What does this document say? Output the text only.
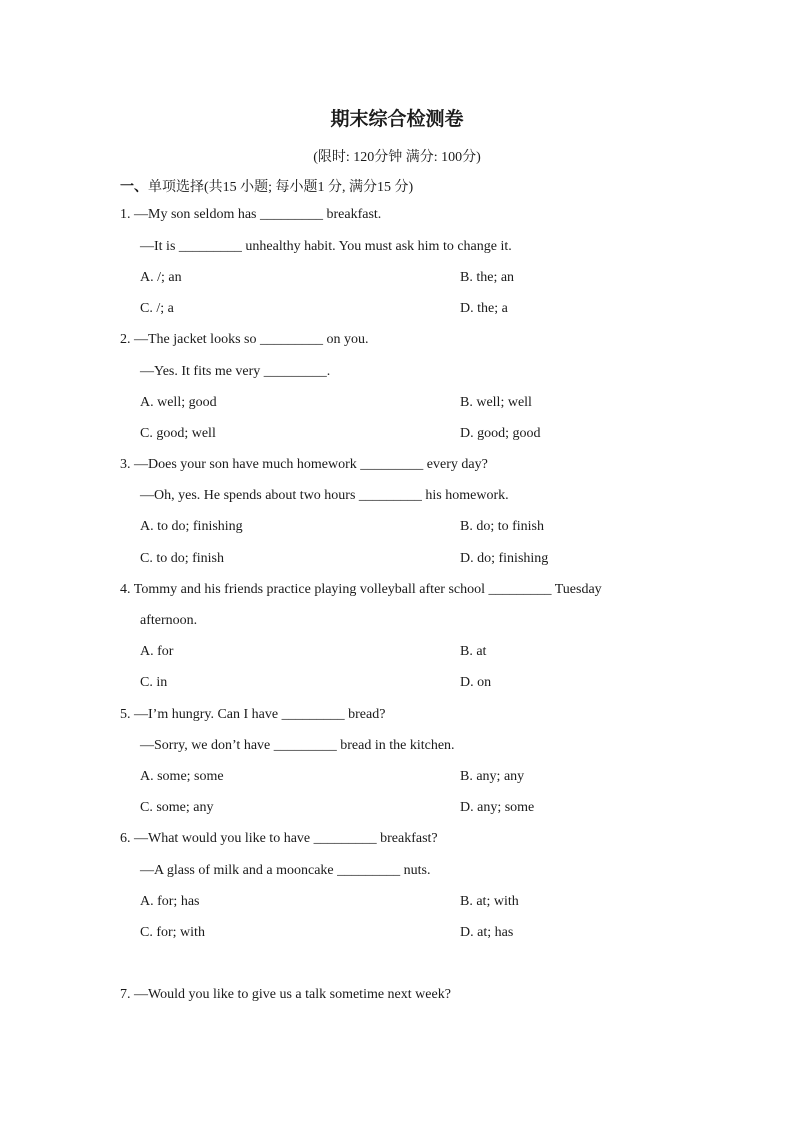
期末综合检测卷
(限时: 120分钟 满分: 100分)
一、单项选择(共15 小题; 每小题1 分, 满分15 分)
1. —My son seldom has _________ breakfast.
—It is _________ unhealthy habit. You must ask him to change it.
A. /; an	B. the; an
C. /; a	D. the; a
2. —The jacket looks so _________ on you.
—Yes. It fits me very _________.
A. well; good	B. well; well
C. good; well	D. good; good
3. —Does your son have much homework _________ every day?
—Oh, yes. He spends about two hours _________ his homework.
A. to do; finishing	B. do; to finish
C. to do; finish	D. do; finishing
4. Tommy and his friends practice playing volleyball after school _________ Tuesday
afternoon.
A. for	B. at
C. in	D. on
5. —I’m hungry. Can I have _________ bread?
—Sorry, we don’t have _________ bread in the kitchen.
A. some; some	B. any; any
C. some; any	D. any; some
6. —What would you like to have _________ breakfast?
—A glass of milk and a mooncake _________ nuts.
A. for; has	B. at; with
C. for; with	D. at; has
7. —Would you like to give us a talk sometime next week?
